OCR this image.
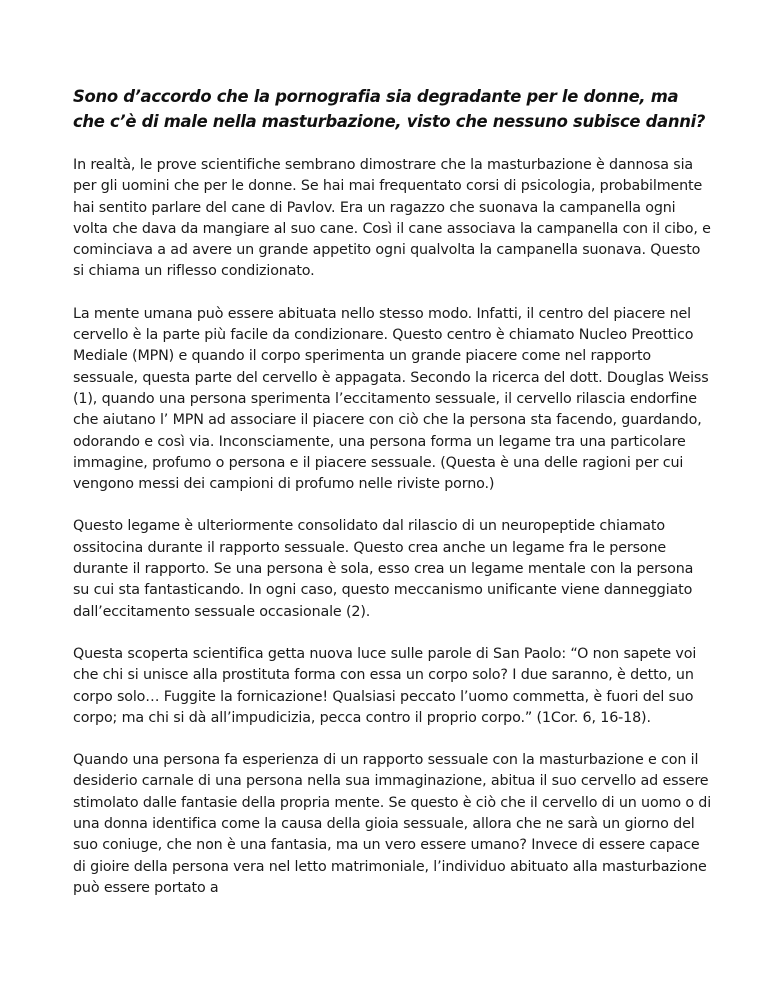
Sono d’accordo che la pornografia sia degradante per le donne, ma che c’è di male nella masturbazione, visto che nessuno subisce danni?

In realtà, le prove scientifiche sembrano dimostrare che la masturbazione è dannosa sia per gli uomini che per le donne. Se hai mai frequentato corsi di psicologia, probabilmente hai sentito parlare del cane di Pavlov. Era un ragazzo che suonava la campanella ogni volta che dava da mangiare al suo cane. Così il cane associava la campanella con il cibo, e cominciava a ad avere un grande appetito ogni qualvolta la campanella suonava. Questo si chiama un riflesso condizionato.

La mente umana può essere abituata nello stesso modo. Infatti, il centro del piacere nel cervello è la parte più facile da condizionare. Questo centro è chiamato Nucleo Preottico Mediale (MPN) e quando il corpo sperimenta un grande piacere come nel rapporto sessuale, questa parte del cervello è appagata. Secondo la ricerca del dott. Douglas Weiss (1), quando una persona sperimenta l’eccitamento sessuale, il cervello rilascia endorfine che aiutano l’ MPN ad associare il piacere con ciò che la persona sta facendo, guardando, odorando e così via. Inconsciamente, una persona forma un legame tra una particolare immagine, profumo o persona e il piacere sessuale. (Questa è una delle ragioni per cui vengono messi dei campioni di profumo nelle riviste porno.)

Questo legame è ulteriormente consolidato dal rilascio di un neuropeptide chiamato ossitocina durante il rapporto sessuale. Questo crea anche un legame fra le persone durante il rapporto. Se una persona è sola, esso crea un legame mentale con la persona su cui sta fantasticando. In ogni caso, questo meccanismo unificante viene danneggiato dall’eccitamento sessuale occasionale (2).

Questa scoperta scientifica getta nuova luce sulle parole di San Paolo: “O non sapete voi che chi si unisce alla prostituta forma con essa un corpo solo? I due saranno, è detto, un corpo solo… Fuggite la fornicazione! Qualsiasi peccato l’uomo commetta, è fuori del suo corpo; ma chi si dà all’impudicizia, pecca contro il proprio corpo.” (1Cor. 6, 16-18).

Quando una persona fa esperienza di un rapporto sessuale con la masturbazione e con il desiderio carnale di una persona nella sua immaginazione, abitua il suo cervello ad essere stimolato dalle fantasie della propria mente. Se questo è ciò che il cervello di un uomo o di una donna identifica come la causa della gioia sessuale, allora che ne sarà un giorno del suo coniuge, che non è una fantasia, ma un vero essere umano? Invece di essere capace di gioire della persona vera nel letto matrimoniale, l’individuo abituato alla masturbazione può essere portato a
